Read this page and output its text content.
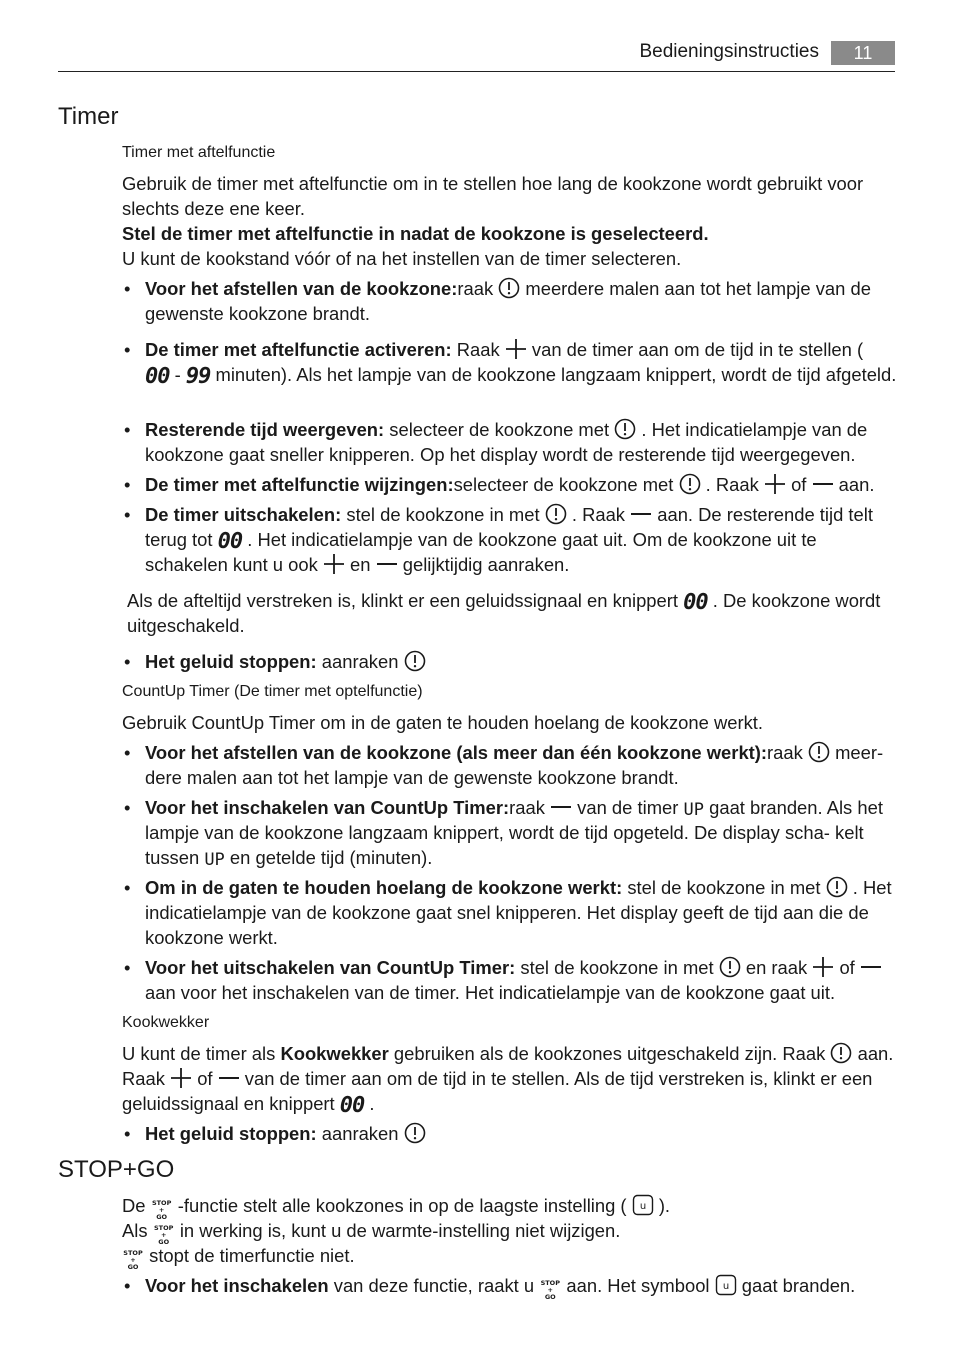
Bedieningsinstructies	11
Timer
Timer met aftelfunctie

Gebruik de timer met aftelfunctie om in te stellen hoe lang de kookzone wordt gebruikt voor slechts deze ene keer.

Stel de timer met aftelfunctie in nadat de kookzone is geselecteerd.

U kunt de kookstand vóór of na het instellen van de timer selecteren.

• Voor het afstellen van de kookzone:raak meerdere malen aan tot het lampje van de gewenste kookzone brandt.
• De timer met aftelfunctie activeren: Raak van de timer aan om de tijd in te stellen (
00 - 99 minuten). Als het lampje van de kookzone langzaam knippert, wordt de tijd afgeteld.
• Resterende tijd weergeven: selecteer de kookzone met . Het indicatielampje van de kookzone gaat sneller knipperen. Op het display wordt de resterende tijd weergegeven.
• De timer met aftelfunctie wijzingen:selecteer de kookzone met . Raak of aan.
• De timer uitschakelen: stel de kookzone in met . Raak aan. De resterende tijd telt terug tot 00 . Het indicatielampje van de kookzone gaat uit. Om de kookzone uit te schakelen kunt u ook en gelijktijdig aanraken.

Als de afteltijd verstreken is, klinkt er een geluidssignaal en knippert 00 . De kookzone wordt uitgeschakeld.

• Het geluid stoppen: aanraken
CountUp Timer (De timer met optelfunctie)

Gebruik CountUp Timer om in de gaten te houden hoelang de kookzone werkt.

• Voor het afstellen van de kookzone (als meer dan één kookzone werkt):raak meer- dere malen aan tot het lampje van de gewenste kookzone brandt.
• Voor het inschakelen van CountUp Timer:raak van de timer UP gaat branden. Als het lampje van de kookzone langzaam knippert, wordt de tijd opgeteld. De display scha- kelt tussen UP en getelde tijd (minuten).
• Om in de gaten te houden hoelang de kookzone werkt: stel de kookzone in met . Het indicatielampje van de kookzone gaat snel knipperen. Het display geeft de tijd aan die de kookzone werkt.
• Voor het uitschakelen van CountUp Timer: stel de kookzone in met en raak of
aan voor het inschakelen van de timer. Het indicatielampje van de kookzone gaat uit.
Kookwekker

U kunt de timer als Kookwekker gebruiken als de kookzones uitgeschakeld zijn. Raak aan. Raak of van de timer aan om de tijd in te stellen. Als de tijd verstreken is, klinkt er een geluidssignaal en knippert 00 .

• Het geluid stoppen: aanraken
STOP+GO

De STOP
+
GO
-functie stelt alle kookzones in op de laagste instelling ( u ).

Als STOP
+
GO
in werking is, kunt u de warmte-instelling niet wijzigen.

STOP
+
GO
stopt de timerfunctie niet.

• Voor het inschakelen van deze functie, raakt u STOP
+
GO
aan. Het symbool u gaat branden.
